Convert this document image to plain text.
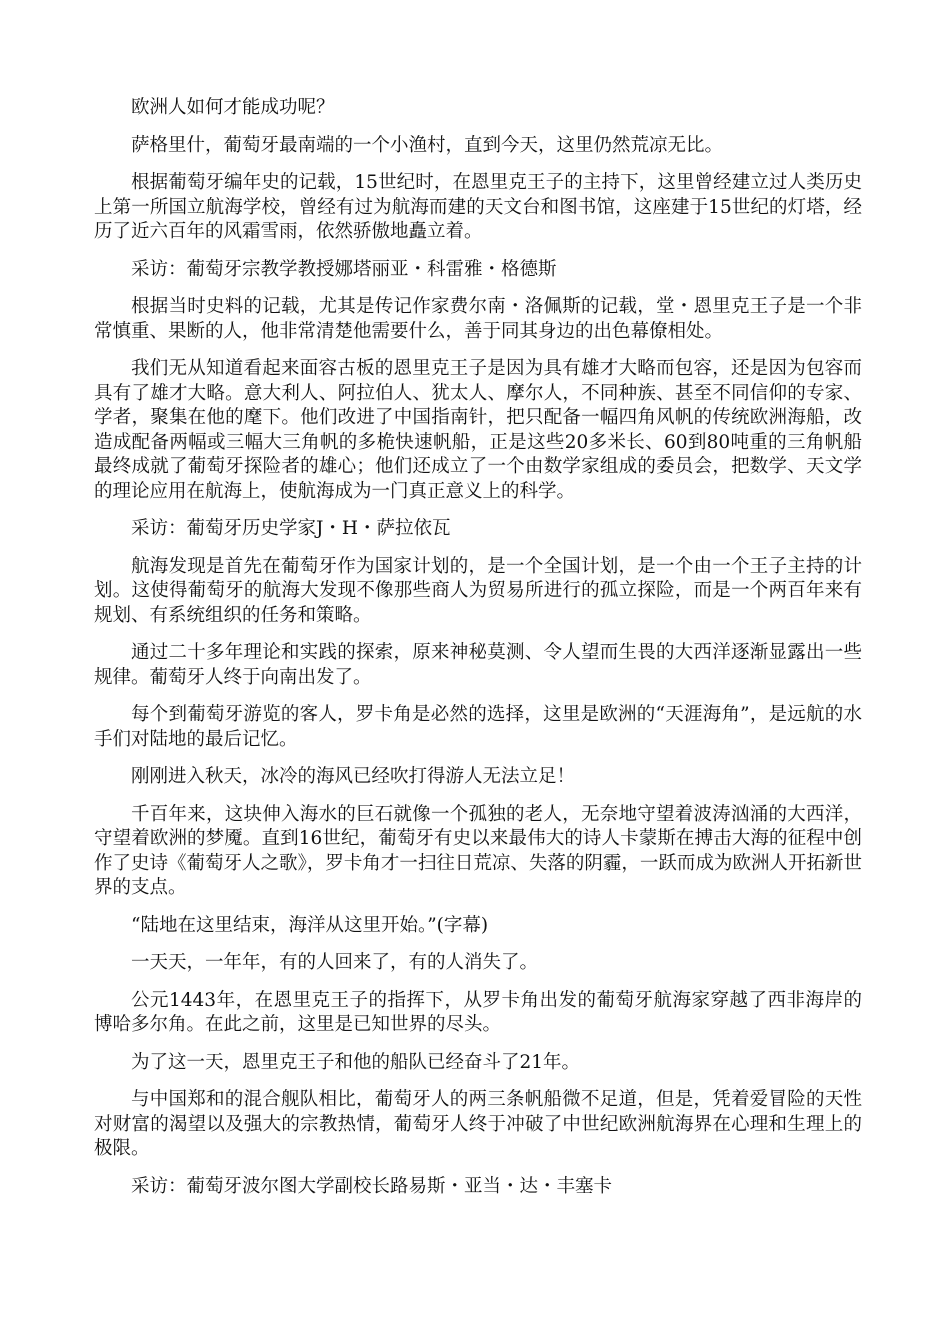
欧洲人如何才能成功呢？

萨格里什，葡萄牙最南端的一个小渔村，直到今天，这里仍然荒凉无比。

根据葡萄牙编年史的记载，15世纪时，在恩里克王子的主持下，这里曾经建立过人类历史上第一所国立航海学校，曾经有过为航海而建的天文台和图书馆，这座建于15世纪的灯塔，经历了近六百年的风霜雪雨，依然骄傲地矗立着。

采访：葡萄牙宗教学教授娜塔丽亚・科雷雅・格德斯

根据当时史料的记载，尤其是传记作家费尔南・洛佩斯的记载，堂・恩里克王子是一个非常慎重、果断的人，他非常清楚他需要什么，善于同其身边的出色幕僚相处。

我们无从知道看起来面容古板的恩里克王子是因为具有雄才大略而包容，还是因为包容而具有了雄才大略。意大利人、阿拉伯人、犹太人、摩尔人，不同种族、甚至不同信仰的专家、学者，聚集在他的麾下。他们改进了中国指南针，把只配备一幅四角风帆的传统欧洲海船，改造成配备两幅或三幅大三角帆的多桅快速帆船，正是这些20多米长、60到80吨重的三角帆船最终成就了葡萄牙探险者的雄心；他们还成立了一个由数学家组成的委员会，把数学、天文学的理论应用在航海上，使航海成为一门真正意义上的科学。

采访：葡萄牙历史学家J・H・萨拉依瓦

航海发现是首先在葡萄牙作为国家计划的，是一个全国计划，是一个由一个王子主持的计划。这使得葡萄牙的航海大发现不像那些商人为贸易所进行的孤立探险，而是一个两百年来有规划、有系统组织的任务和策略。

通过二十多年理论和实践的探索，原来神秘莫测、令人望而生畏的大西洋逐渐显露出一些规律。葡萄牙人终于向南出发了。

每个到葡萄牙游览的客人，罗卡角是必然的选择，这里是欧洲的“天涯海角”，是远航的水手们对陆地的最后记忆。

刚刚进入秋天，冰冷的海风已经吹打得游人无法立足！

千百年来，这块伸入海水的巨石就像一个孤独的老人，无奈地守望着波涛汹涌的大西洋，守望着欧洲的梦魇。直到16世纪，葡萄牙有史以来最伟大的诗人卡蒙斯在搏击大海的征程中创作了史诗《葡萄牙人之歌》，罗卡角才一扫往日荒凉、失落的阴霾，一跃而成为欧洲人开拓新世界的支点。

“陆地在这里结束，海洋从这里开始。”(字幕)

一天天，一年年，有的人回来了，有的人消失了。

公元1443年，在恩里克王子的指挥下，从罗卡角出发的葡萄牙航海家穿越了西非海岸的博哈多尔角。在此之前，这里是已知世界的尽头。

为了这一天，恩里克王子和他的船队已经奋斗了21年。

与中国郑和的混合舰队相比，葡萄牙人的两三条帆船微不足道，但是，凭着爱冒险的天性对财富的渴望以及强大的宗教热情，葡萄牙人终于冲破了中世纪欧洲航海界在心理和生理上的极限。

采访：葡萄牙波尔图大学副校长路易斯・亚当・达・丰塞卡
